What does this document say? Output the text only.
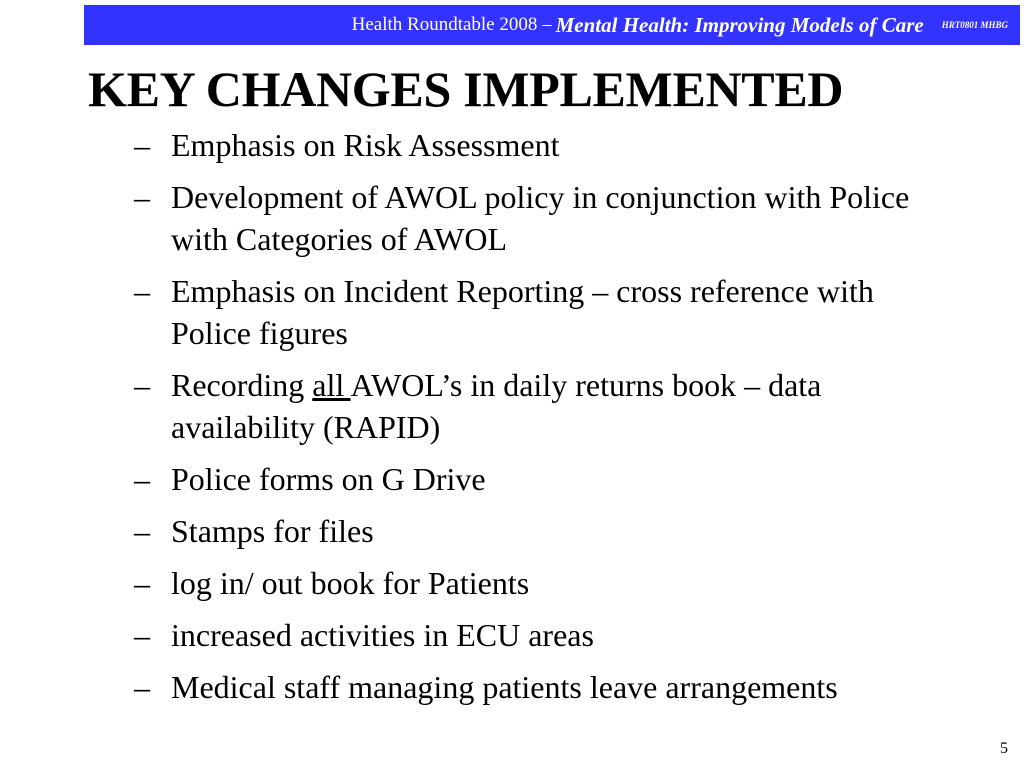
Health Roundtable 2008 – Mental Health: Improving Models of Care HRT0801 MHBG
KEY CHANGES IMPLEMENTED
– Emphasis on Risk Assessment
– Development of AWOL policy in conjunction with Police with Categories of AWOL
– Emphasis on Incident Reporting – cross reference with Police figures
– Recording all AWOL’s in daily returns book – data availability (RAPID)
– Police forms on G Drive
– Stamps for files
– log in/ out book for Patients
– increased activities in ECU areas
– Medical staff managing patients leave arrangements
5
